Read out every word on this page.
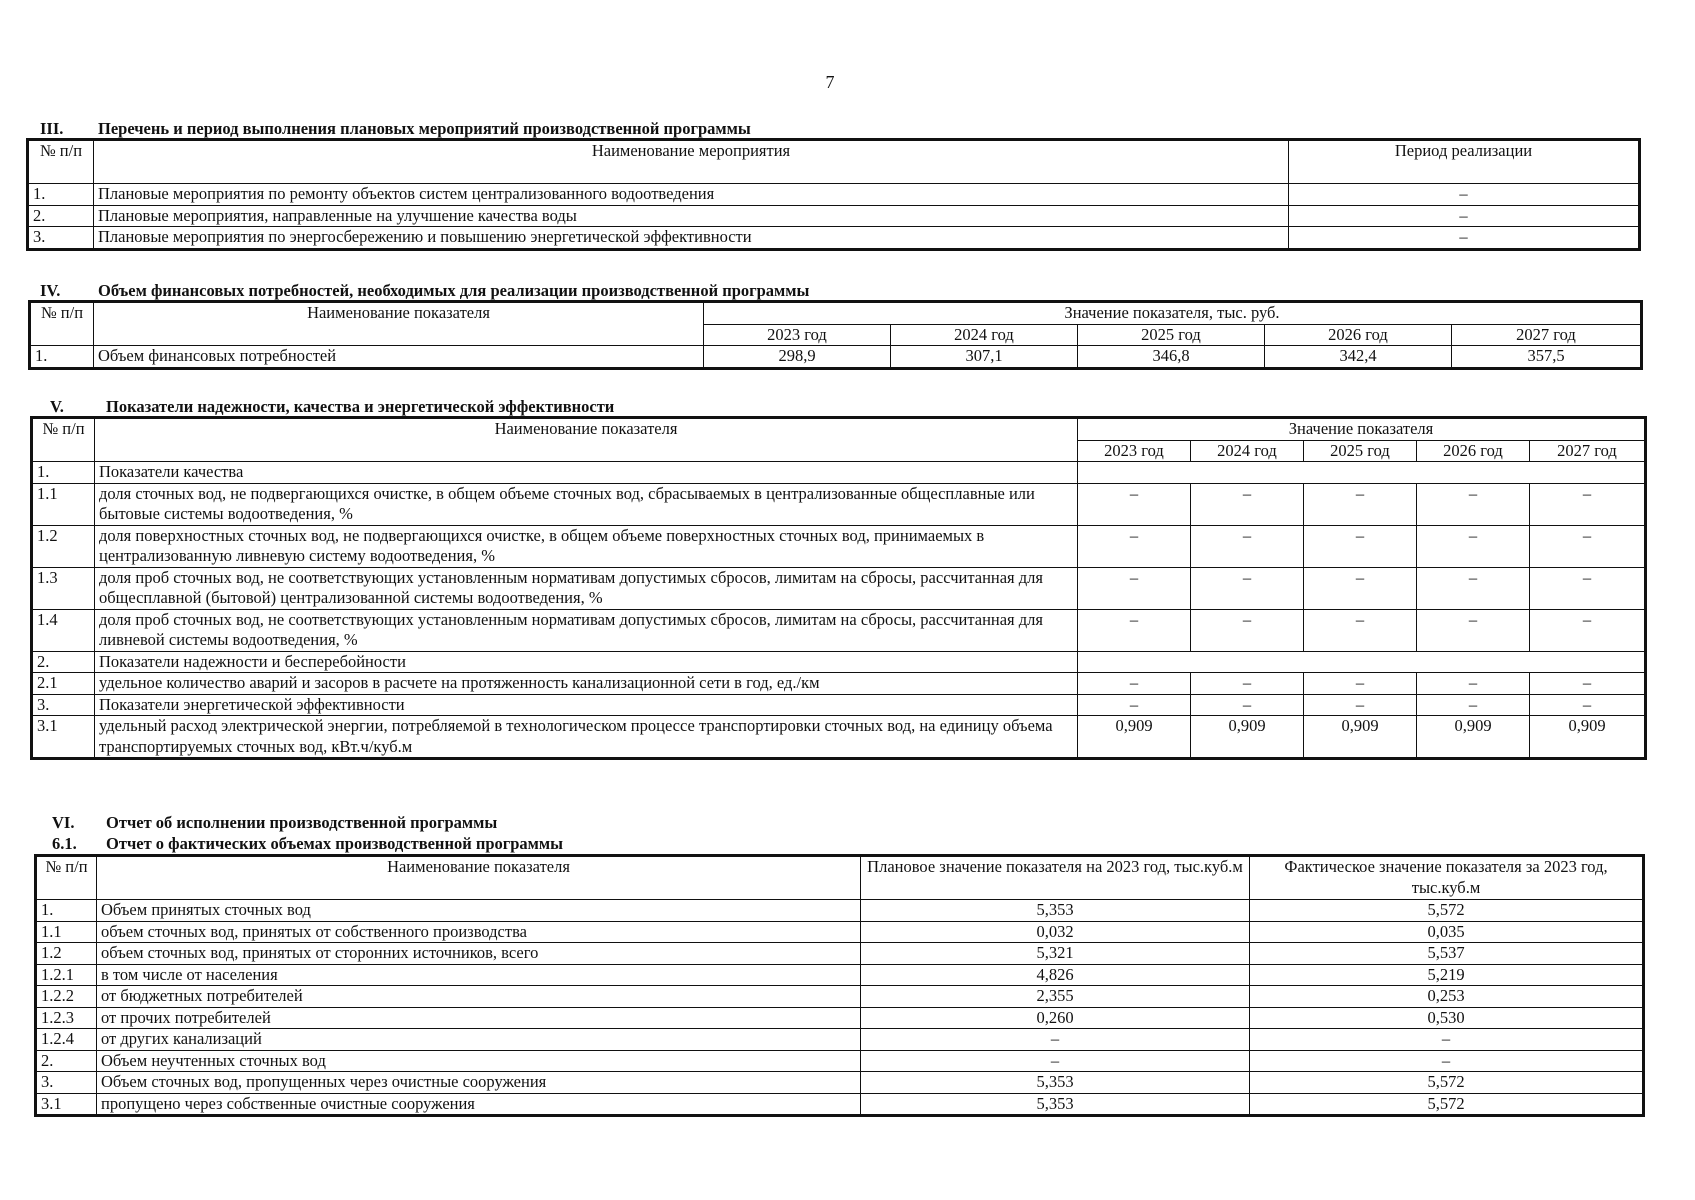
7
III. Перечень и период выполнения плановых мероприятий производственной программы
№ п/п	Наименование мероприятия	Период реализации
1.	Плановые мероприятия по ремонту объектов систем централизованного водоотведения	–
2.	Плановые мероприятия, направленные на улучшение качества воды	–
3.	Плановые мероприятия по энергосбережению и повышению энергетической эффективности	–
IV. Объем финансовых потребностей, необходимых для реализации производственной программы
№ п/п	Наименование показателя	Значение показателя, тыс. руб.				
		2023 год	2024 год	2025 год	2026 год	2027 год
1.	Объем финансовых потребностей	298,9	307,1	346,8	342,4	357,5
V.	Показатели надежности, качества и энергетической эффективности
№ п/п	Наименование показателя	Значение показателя				
		2023 год	2024 год	2025 год	2026 год	2027 год
1.	Показатели качества					
1.1	доля сточных вод, не подвергающихся очистке, в общем объеме сточных вод, сбрасываемых в централизованные общесплавные или бытовые системы водоотведения, %	–	–	–	–	–
1.2	доля поверхностных сточных вод, не подвергающихся очистке, в общем объеме поверхностных сточных вод, принимаемых в централизованную ливневую систему водоотведения, %	–	–	–	–	–
1.3	доля проб сточных вод, не соответствующих установленным нормативам допустимых сбросов, лимитам на сбросы, рассчитанная для общесплавной (бытовой) централизованной системы водоотведения, %	–	–	–	–	–
1.4	доля проб сточных вод, не соответствующих установленным нормативам допустимых сбросов, лимитам на сбросы, рассчитанная для ливневой системы водоотведения, %	–	–	–	–	–
2.	Показатели надежности и бесперебойности					
2.1	удельное количество аварий и засоров в расчете на протяженность канализационной сети в год, ед./км	–	–	–	–	–
3.	Показатели энергетической эффективности	–	–	–	–	–
3.1	удельный расход электрической энергии, потребляемой в технологическом процессе транспортировки сточных вод, на единицу объема транспортируемых сточных вод, кВт.ч/куб.м	0,909	0,909	0,909	0,909	0,909
VI. Отчет об исполнении производственной программы
6.1. Отчет о фактических объемах производственной программы
№ п/п	Наименование показателя	Плановое значение показателя на 2023 год, тыс.куб.м	Фактическое значение показателя за 2023 год, тыс.куб.м
1.	Объем принятых сточных вод	5,353	5,572
1.1	объем сточных вод, принятых от собственного производства	0,032	0,035
1.2	объем сточных вод, принятых от сторонних источников, всего	5,321	5,537
1.2.1	в том числе от населения	4,826	5,219
1.2.2	от бюджетных потребителей	2,355	0,253
1.2.3	от прочих потребителей	0,260	0,530
1.2.4	от других канализаций	–	–
2.	Объем неучтенных сточных вод	–	–
3.	Объем сточных вод, пропущенных через очистные сооружения	5,353	5,572
3.1	пропущено через собственные очистные сооружения	5,353	5,572
